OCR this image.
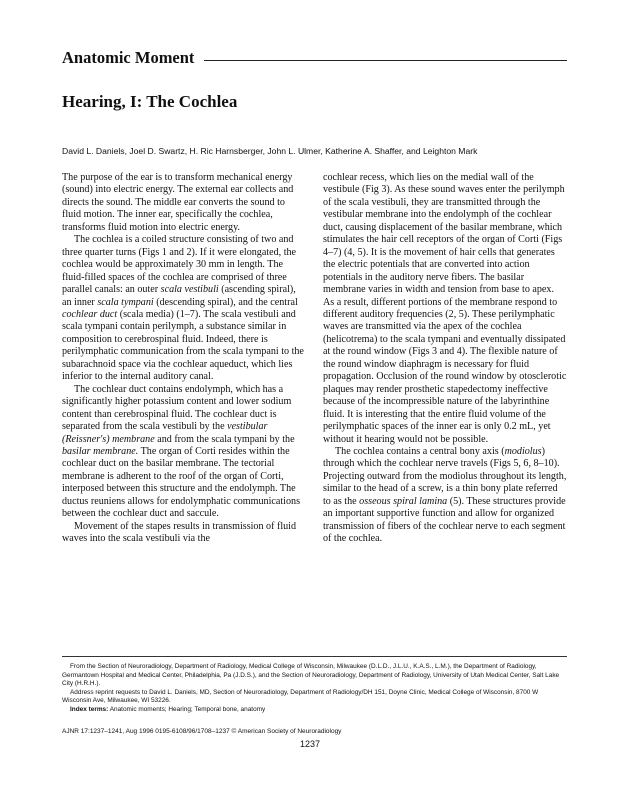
Anatomic Moment
Hearing, I: The Cochlea
David L. Daniels, Joel D. Swartz, H. Ric Harnsberger, John L. Ulmer, Katherine A. Shaffer, and Leighton Mark

The purpose of the ear is to transform mechanical energy (sound) into electric energy. The external ear collects and directs the sound. The middle ear converts the sound to fluid motion. The inner ear, specifically the cochlea, transforms fluid motion into electric energy.

The cochlea is a coiled structure consisting of two and three quarter turns (Figs 1 and 2). If it were elongated, the cochlea would be approximately 30 mm in length. The fluid-filled spaces of the cochlea are comprised of three parallel canals: an outer scala vestibuli (ascending spiral), an inner scala tympani (descending spiral), and the central cochlear duct (scala media) (1–7). The scala vestibuli and scala tympani contain perilymph, a substance similar in composition to cerebrospinal fluid. Indeed, there is perilymphatic communication from the scala tympani to the subarachnoid space via the cochlear aqueduct, which lies inferior to the internal auditory canal.

The cochlear duct contains endolymph, which has a significantly higher potassium content and lower sodium content than cerebrospinal fluid. The cochlear duct is separated from the scala vestibuli by the vestibular (Reissner's) membrane and from the scala tympani by the basilar membrane. The organ of Corti resides within the cochlear duct on the basilar membrane. The tectorial membrane is adherent to the roof of the organ of Corti, interposed between this structure and the endolymph. The ductus reuniens allows for endolymphatic communications between the cochlear duct and saccule.

Movement of the stapes results in transmission of fluid waves into the scala vestibuli via the

cochlear recess, which lies on the medial wall of the vestibule (Fig 3). As these sound waves enter the perilymph of the scala vestibuli, they are transmitted through the vestibular membrane into the endolymph of the cochlear duct, causing displacement of the basilar membrane, which stimulates the hair cell receptors of the organ of Corti (Figs 4–7) (4, 5). It is the movement of hair cells that generates the electric potentials that are converted into action potentials in the auditory nerve fibers. The basilar membrane varies in width and tension from base to apex. As a result, different portions of the membrane respond to different auditory frequencies (2, 5). These perilymphatic waves are transmitted via the apex of the cochlea (helicotrema) to the scala tympani and eventually dissipated at the round window (Figs 3 and 4). The flexible nature of the round window diaphragm is necessary for fluid propagation. Occlusion of the round window by otosclerotic plaques may render prosthetic stapedectomy ineffective because of the incompressible nature of the labyrinthine fluid. It is interesting that the entire fluid volume of the perilymphatic spaces of the inner ear is only 0.2 mL, yet without it hearing would not be possible.

The cochlea contains a central bony axis (modiolus) through which the cochlear nerve travels (Figs 5, 6, 8–10). Projecting outward from the modiolus throughout its length, similar to the head of a screw, is a thin bony plate referred to as the osseous spiral lamina (5). These structures provide an important supportive function and allow for organized transmission of fibers of the cochlear nerve to each segment of the cochlea.

From the Section of Neuroradiology, Department of Radiology, Medical College of Wisconsin, Milwaukee (D.L.D., J.L.U., K.A.S., L.M.), the Department of Radiology, Germantown Hospital and Medical Center, Philadelphia, Pa (J.D.S.), and the Section of Neuroradiology, Department of Radiology, University of Utah Medical Center, Salt Lake City (H.R.H.).

Address reprint requests to David L. Daniels, MD, Section of Neuroradiology, Department of Radiology/DH 151, Doyne Clinic, Medical College of Wisconsin, 8700 W Wisconsin Ave, Milwaukee, WI 53226.

Index terms: Anatomic moments; Hearing; Temporal bone, anatomy

AJNR 17:1237–1241, Aug 1996 0195-6108/96/1708–1237 © American Society of Neuroradiology
1237
